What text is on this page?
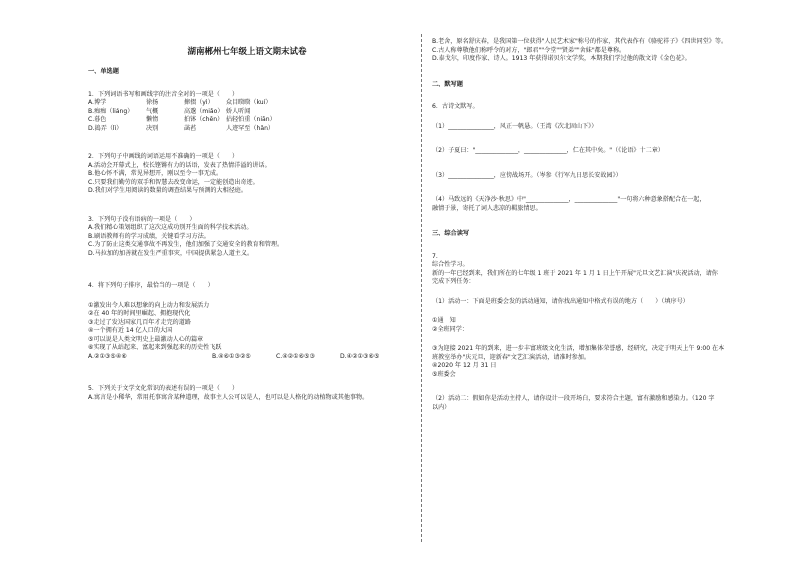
湖南郴州七年级上语文期末试卷
一、单选题
1．下列词语书写和画线字的注音全对的一项是（　　）
A.博学	徐扬	撺掇（yì）	众目睽睽（kuí）
B.痴痴（liáng）	气概	高邈（miǎo） 娇人听闻
C.暮色	懒惰	拍钵（chēn） 拈轻怕重（niān）
D.捣弄（lì）	决别	菡萏	人迹罕至（hǎn）
2．下列句子中画线的词语运用不准确的一项是（　　）
A.活动会开幕式上，校长铿锵有力的话语，发表了热情洋溢的讲话。
B.他心怀不满，常见异想开，刚以至令一事无成。
C.只要我们勤劳的双手和智慧去改变命运，一定能创造出奇迹。
D.我们对学生用阅读的数量的调查结果与预测的大相径庭。
3．下列句子没有语病的一项是（　　）
A.我们精心策划组织了这次这成功别开生面的科学技术活动。
B.刷语教师有的学习成绩，关键看学习方法。
C.为了防止这类交通事故不再发生，他们加强了交通安全的教育和管理。
D.马拉加的加善就在发生严重事灾，中国提供紧急人道主义。
4．将下列句子排序，最恰当的一项是（　　）
①激发出令人难以想象的向上动力和发展活力
②在 40 年的时间里崛起、拥抱现代化
③走过了发达国家几百年才走完的道路
④一个拥有近 14 亿人口的大国
⑤可以说是人类文明史上最激动人心的篇章
⑥实现了从站起来、富起来到强起来的历史性飞跃
A.②①③⑤④⑥	B.④⑥①③②⑤	C.④②①⑥⑤③	D.④②①③⑥⑤
5．下列关于文学文化常识的表述有误的一项是（　　）
A.寓言是小稀华，常用托事寓含某种道理，故事主人公可以是人，也可以是人格化的动植物或其他事物。
B.老舍，原名舒庆春，是我国第一位获得"人民艺术家"称号的作家，其代表作有《骆驼祥子》《四世同堂》等。
C.古人称尊敬他们称呼令的对方，"郎君""令堂""贤弟""舍妹"都是尊称。
D.泰戈尔，印度作家、诗人。1913 年获得诺贝尔文学奖，本期我们学过他的散文诗《金色花》。
二、默写题
6．古诗文默写。
（1）_______________，风正一帆悬。（王湾《次北固山下》）
（2）子夏曰："______________，______________，仁在其中矣。"（《论语》十二章）
（3）_______________，应傍战场开。（岑参《行军九日思长安故园》）
（4）马致远的《天净沙·秋思》中"______________，______________"一句将六种意象搭配合在一起，
融情于景，寄托了词人悲凉的羁旅情思。
三、综合读写
7.
综合性学习。
新的一年已经到来，我们所在的七年级 1 班于 2021 年 1 月 1 日上午开展"元旦文艺汇演"庆祝活动，请你
完成下列任务：
（1）活动一：下面是班委会发的活动通知，请你找出通知中格式有误的地方（　　）（填序号）
①通　知
②全班同学：
③为迎接 2021 年的到来，进一步丰富班级文化生活，增加集体荣誉感，经研究，决定于明天上午 9:00 在本
班教室举办"庆元旦，迎新春"文艺汇演活动，请准时参加。
④2020 年 12 月 31 日
⑤班委会
（2）活动二：假如你是活动主持人，请你设计一段开场白，要求符合主题，富有激励和感染力。（120 字
以内）
